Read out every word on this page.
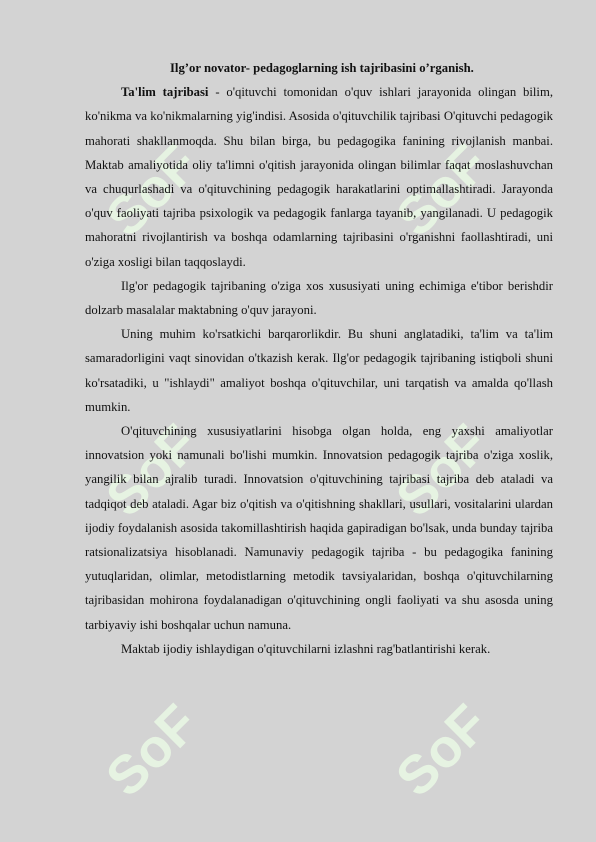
SoF	SoF
SoF	SoF
SoF	SoF
Ilg’or novator- pedagoglarning ish tajribasini o’rganish.

Ta'lim tajribasi - o'qituvchi tomonidan o'quv ishlari jarayonida olingan bilim, ko'nikma va ko'nikmalarning yig'indisi. Asosida o'qituvchilik tajribasi O'qituvchi pedagogik mahorati shakllanmoqda. Shu bilan birga, bu pedagogika fanining rivojlanish manbai. Maktab amaliyotida oliy ta'limni o'qitish jarayonida olingan bilimlar faqat moslashuvchan va chuqurlashadi va o'qituvchining pedagogik harakatlarini optimallashtiradi. Jarayonda o'quv faoliyati tajriba psixologik va pedagogik fanlarga tayanib, yangilanadi. U pedagogik mahoratni rivojlantirish va boshqa odamlarning tajribasini o'rganishni faollashtiradi, uni o'ziga xosligi bilan taqqoslaydi.

Ilg'or pedagogik tajribaning o'ziga xos xususiyati uning echimiga e'tibor berishdir dolzarb masalalar maktabning o'quv jarayoni.

Uning muhim ko'rsatkichi barqarorlikdir. Bu shuni anglatadiki, ta'lim va ta'lim samaradorligini vaqt sinovidan o'tkazish kerak. Ilg'or pedagogik tajribaning istiqboli shuni ko'rsatadiki, u "ishlaydi" amaliyot boshqa o'qituvchilar, uni tarqatish va amalda qo'llash mumkin.

O'qituvchining xususiyatlarini hisobga olgan holda, eng yaxshi amaliyotlar innovatsion yoki namunali bo'lishi mumkin. Innovatsion pedagogik tajriba o'ziga xoslik, yangilik bilan ajralib turadi. Innovatsion o'qituvchining tajribasi tajriba deb ataladi va tadqiqot deb ataladi. Agar biz o'qitish va o'qitishning shakllari, usullari, vositalarini ulardan ijodiy foydalanish asosida takomillashtirish haqida gapiradigan bo'lsak, unda bunday tajriba ratsionalizatsiya hisoblanadi. Namunaviy pedagogik tajriba - bu pedagogika fanining yutuqlaridan, olimlar, metodistlarning metodik tavsiyalaridan, boshqa o'qituvchilarning tajribasidan mohirona foydalanadigan o'qituvchining ongli faoliyati va shu asosda uning tarbiyaviy ishi boshqalar uchun namuna.

Maktab ijodiy ishlaydigan o'qituvchilarni izlashni rag'batlantirishi kerak.
